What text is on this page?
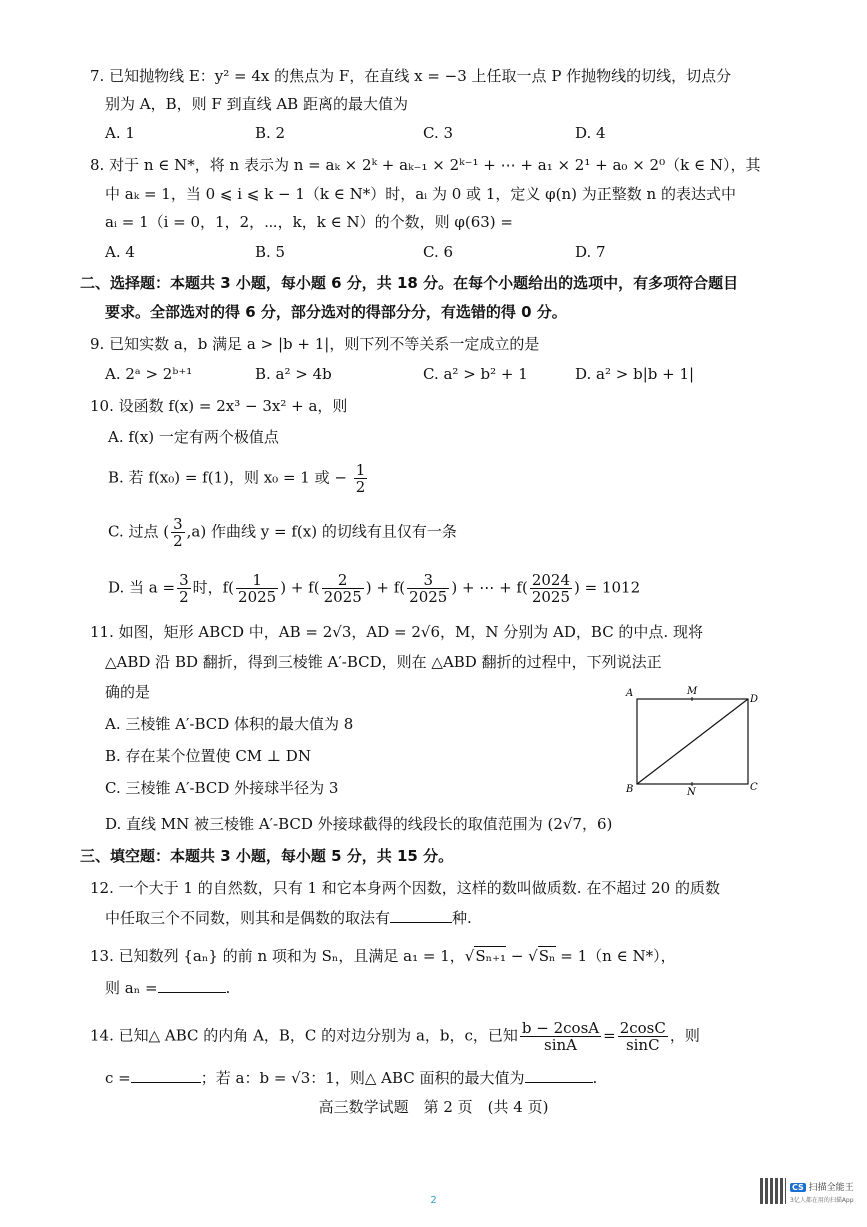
7. 已知抛物线 E：y² = 4x 的焦点为 F，在直线 x = −3 上任取一点 P 作抛物线的切线，切点分
别为 A，B，则 F 到直线 AB 距离的最大值为
A. 1	B. 2	C. 3	D. 4
8. 对于 n ∈ N*，将 n 表示为 n = aₖ × 2ᵏ + aₖ₋₁ × 2ᵏ⁻¹ + ⋯ + a₁ × 2¹ + a₀ × 2⁰（k ∈ N），其
中 aₖ = 1，当 0 ⩽ i ⩽ k − 1（k ∈ N*）时，aᵢ 为 0 或 1，定义 φ(n) 为正整数 n 的表达式中
aᵢ = 1（i = 0，1，2，⋯，k，k ∈ N）的个数，则 φ(63) =
A. 4	B. 5	C. 6	D. 7
二、选择题：本题共 3 小题，每小题 6 分，共 18 分。在每个小题给出的选项中，有多项符合题目
要求。全部选对的得 6 分，部分选对的得部分分，有选错的得 0 分。
9. 已知实数 a，b 满足 a > |b + 1|，则下列不等关系一定成立的是
A. 2ᵃ > 2ᵇ⁺¹	B. a² > 4b	C. a² > b² + 1	D. a² > b|b + 1|
10. 设函数 f(x) = 2x³ − 3x² + a，则
A. f(x) 一定有两个极值点
B. 若 f(x₀) = f(1)，则 x₀ = 1 或 − $\frac{1}{2}$
C. 过点 ( $\frac{3}{2} ,a$) 作曲线 y = f(x) 的切线有且仅有一条
D. 当 $a = \frac{3}{2}$ 时，$f( \frac{1}{2025}$ ) + $f( \frac{2}{2025}$ ) + $f( \frac{3}{2025}$ ) + ⋯ + $f( \frac{2024}{2025}$ ) = 1012
11. 如图，矩形 ABCD 中，AB = 2√3，AD = 2√6，M，N 分别为 AD，BC 的中点. 现将
△ABD 沿 BD 翻折，得到三棱锥 A′-BCD，则在 △ABD 翻折的过程中，下列说法正
确的是
A. 三棱锥 A′-BCD 体积的最大值为 8
B. 存在某个位置使 CM ⊥ DN
C. 三棱锥 A′-BCD 外接球半径为 3
D. 直线 MN 被三棱锥 A′-BCD 外接球截得的线段长的取值范围为 (2√7，6)
A	M
D
B	N	C
三、填空题：本题共 3 小题，每小题 5 分，共 15 分。
12. 一个大于 1 的自然数，只有 1 和它本身两个因数，这样的数叫做质数. 在不超过 20 的质数
中任取三个不同数，则其和是偶数的取法有	种.
13. 已知数列 {aₙ} 的前 n 项和为 Sₙ，且满足 a₁ = 1，√Sₙ₊₁ − √Sₙ = 1（n ∈ N*），
则 aₙ =	.
14. 已知△ ABC 的内角 A，B，C 的对边分别为 a，b，c，已知 $\frac{b - 2\cos A}{\sin A} = \frac{2\cos C}{\sin C}$ ，则
c =	；若 a：b = √3：1，则△ ABC 面积的最大值为	.
高三数学试题　第 2 页　(共 4 页)
2
CS 扫描全能王
3亿人都在用的扫描App
